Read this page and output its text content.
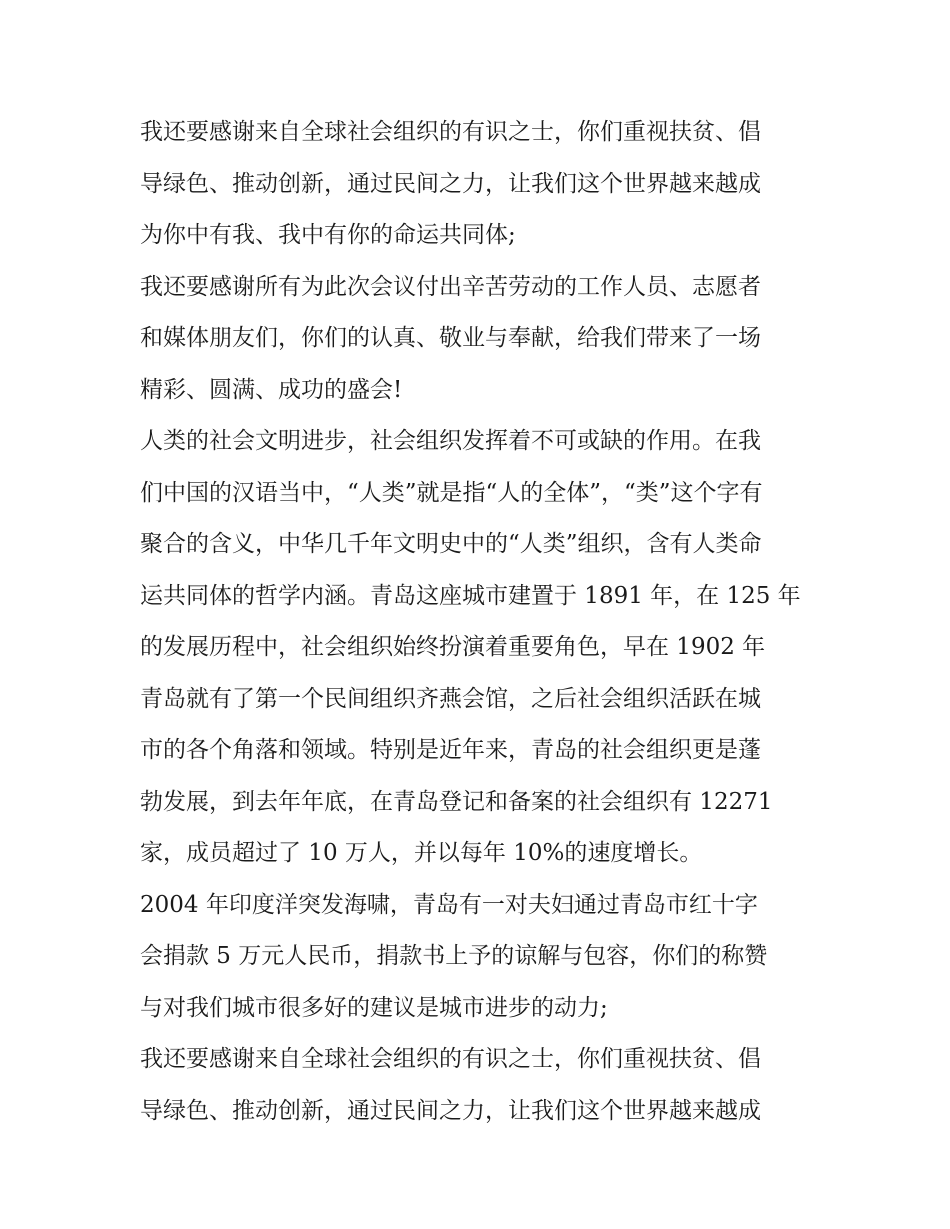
我还要感谢来自全球社会组织的有识之士，你们重视扶贫、倡
导绿色、推动创新，通过民间之力，让我们这个世界越来越成
为你中有我、我中有你的命运共同体;
我还要感谢所有为此次会议付出辛苦劳动的工作人员、志愿者
和媒体朋友们，你们的认真、敬业与奉献，给我们带来了一场
精彩、圆满、成功的盛会!
人类的社会文明进步，社会组织发挥着不可或缺的作用。在我
们中国的汉语当中，“人类”就是指“人的全体”，“类”这个字有
聚合的含义，中华几千年文明史中的“人类”组织，含有人类命
运共同体的哲学内涵。青岛这座城市建置于 1891 年，在 125 年
的发展历程中，社会组织始终扮演着重要角色，早在 1902 年
青岛就有了第一个民间组织齐燕会馆，之后社会组织活跃在城
市的各个角落和领域。特别是近年来，青岛的社会组织更是蓬
勃发展，到去年年底，在青岛登记和备案的社会组织有 12271
家，成员超过了 10 万人，并以每年 10%的速度增长。
2004 年印度洋突发海啸，青岛有一对夫妇通过青岛市红十字
会捐款 5 万元人民币，捐款书上予的谅解与包容，你们的称赞
与对我们城市很多好的建议是城市进步的动力;
我还要感谢来自全球社会组织的有识之士，你们重视扶贫、倡
导绿色、推动创新，通过民间之力，让我们这个世界越来越成
